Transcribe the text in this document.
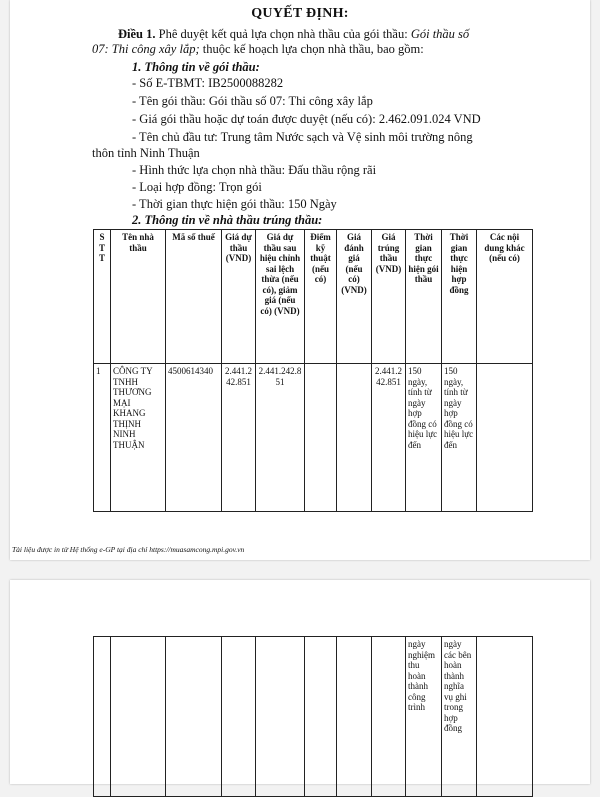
QUYẾT ĐỊNH:
Điều 1. Phê duyệt kết quả lựa chọn nhà thầu của gói thầu: Gói thầu số
07: Thi công xây lắp; thuộc kế hoạch lựa chọn nhà thầu, bao gồm:
1. Thông tin về gói thầu:
- Số E-TBMT: IB2500088282
- Tên gói thầu: Gói thầu số 07: Thi công xây lắp
- Giá gói thầu hoặc dự toán được duyệt (nếu có): 2.462.091.024 VND
- Tên chủ đầu tư: Trung tâm Nước sạch và Vệ sinh môi trường nông
thôn tỉnh Ninh Thuận
- Hình thức lựa chọn nhà thầu: Đấu thầu rộng rãi
- Loại hợp đồng: Trọn gói
- Thời gian thực hiện gói thầu: 150 Ngày
2. Thông tin về nhà thầu trúng thầu:
S T T	Tên nhà thầu	Mã số thuế	Giá dự thầu (VND)	Giá dự thầu sau hiệu chỉnh sai lệch thừa (nếu có), giảm giá (nếu có) (VND)	Điểm kỹ thuật (nếu có)	Giá đánh giá (nếu có) (VND)	Giá trúng thầu (VND)	Thời gian thực hiện gói thầu	Thời gian thực hiện hợp đồng	Các nội dung khác (nếu có)
1	CÔNG TY TNHH THƯƠNG MẠI KHANG THỊNH NINH THUẬN	4500614340	2.441.242.851	2.441.242.851			2.441.242.851	150 ngày, tính từ ngày hợp đồng có hiệu lực đến	150 ngày, tính từ ngày hợp đồng có hiệu lực đến	
Tài liệu được in từ Hệ thống e-GP tại địa chỉ https://muasamcong.mpi.gov.vn
								ngày nghiệm thu hoàn thành công trình	ngày các bên hoàn thành nghĩa vụ ghi trong hợp đồng	
